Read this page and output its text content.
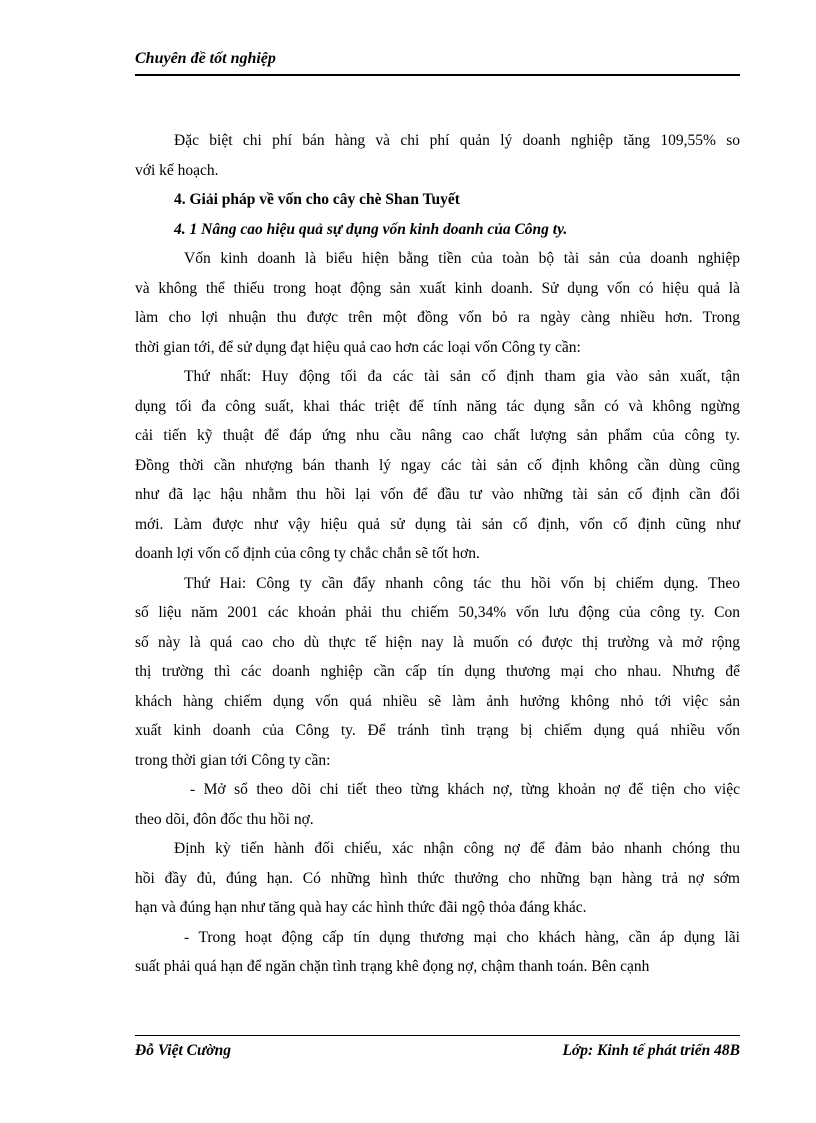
Chuyên đề tốt nghiệp
Đặc biệt chi phí bán hàng và chi phí quản lý doanh nghiệp tăng 109,55% so
với kế hoạch.
4. Giải pháp về vốn cho cây chè Shan Tuyết
4. 1 Nâng cao hiệu quả sự dụng vốn kinh doanh của Công ty.
Vốn kinh doanh là biểu hiện bằng tiền của toàn bộ tài sản của doanh nghiệp
và không thể thiếu trong hoạt động sản xuất kinh doanh. Sử dụng vốn có hiệu quả là
làm cho lợi nhuận thu được trên một đồng vốn bỏ ra ngày càng nhiều hơn. Trong
thời gian tới, để sử dụng đạt hiệu quả cao hơn các loại vốn Công ty cần:
Thứ nhất: Huy động tối đa các tài sản cố định tham gia vào sản xuất, tận
dụng tối đa công suất, khai thác triệt để tính năng tác dụng sẵn có và không ngừng
cải tiến kỹ thuật để đáp ứng nhu cầu nâng cao chất lượng sản phẩm của công ty.
Đồng thời cần nhượng bán thanh lý ngay các tài sản cố định không cần dùng cũng
như đã lạc hậu nhằm thu hồi lại vốn để đầu tư vào những tài sản cố định cần đổi
mới. Làm được như vậy hiệu quả sử dụng tài sản cố định, vốn cố định cũng như
doanh lợi vốn cố định của công ty chắc chắn sẽ tốt hơn.
Thứ Hai: Công ty cần đẩy nhanh công tác thu hồi vốn bị chiếm dụng. Theo
số liệu năm 2001 các khoản phải thu chiếm 50,34% vốn lưu động của công ty. Con
số này là quá cao cho dù thực tế hiện nay là muốn có được thị trường và mở rộng
thị trường thì các doanh nghiệp cần cấp tín dụng thương mại cho nhau. Nhưng để
khách hàng chiếm dụng vốn quá nhiều sẽ làm ảnh hưởng không nhỏ tới việc sản
xuất kinh doanh của Công ty. Để tránh tình trạng bị chiếm dụng quá nhiều vốn
trong thời gian tới Công ty cần:
- Mở sổ theo dõi chi tiết theo từng khách nợ, từng khoản nợ để tiện cho việc
theo dõi, đôn đốc thu hồi nợ.
Định kỳ tiến hành đối chiếu, xác nhận công nợ để đảm bảo nhanh chóng thu
hồi đầy đủ, đúng hạn. Có những hình thức thưởng cho những bạn hàng trả nợ sớm
hạn và đúng hạn như tăng quà hay các hình thức đãi ngộ thỏa đáng khác.
- Trong hoạt động cấp tín dụng thương mại cho khách hàng, cần áp dụng lãi
suất phải quá hạn để ngăn chặn tình trạng khê đọng nợ, chậm thanh toán. Bên cạnh
Đỗ Việt Cường	Lớp: Kinh tế phát triển 48B
